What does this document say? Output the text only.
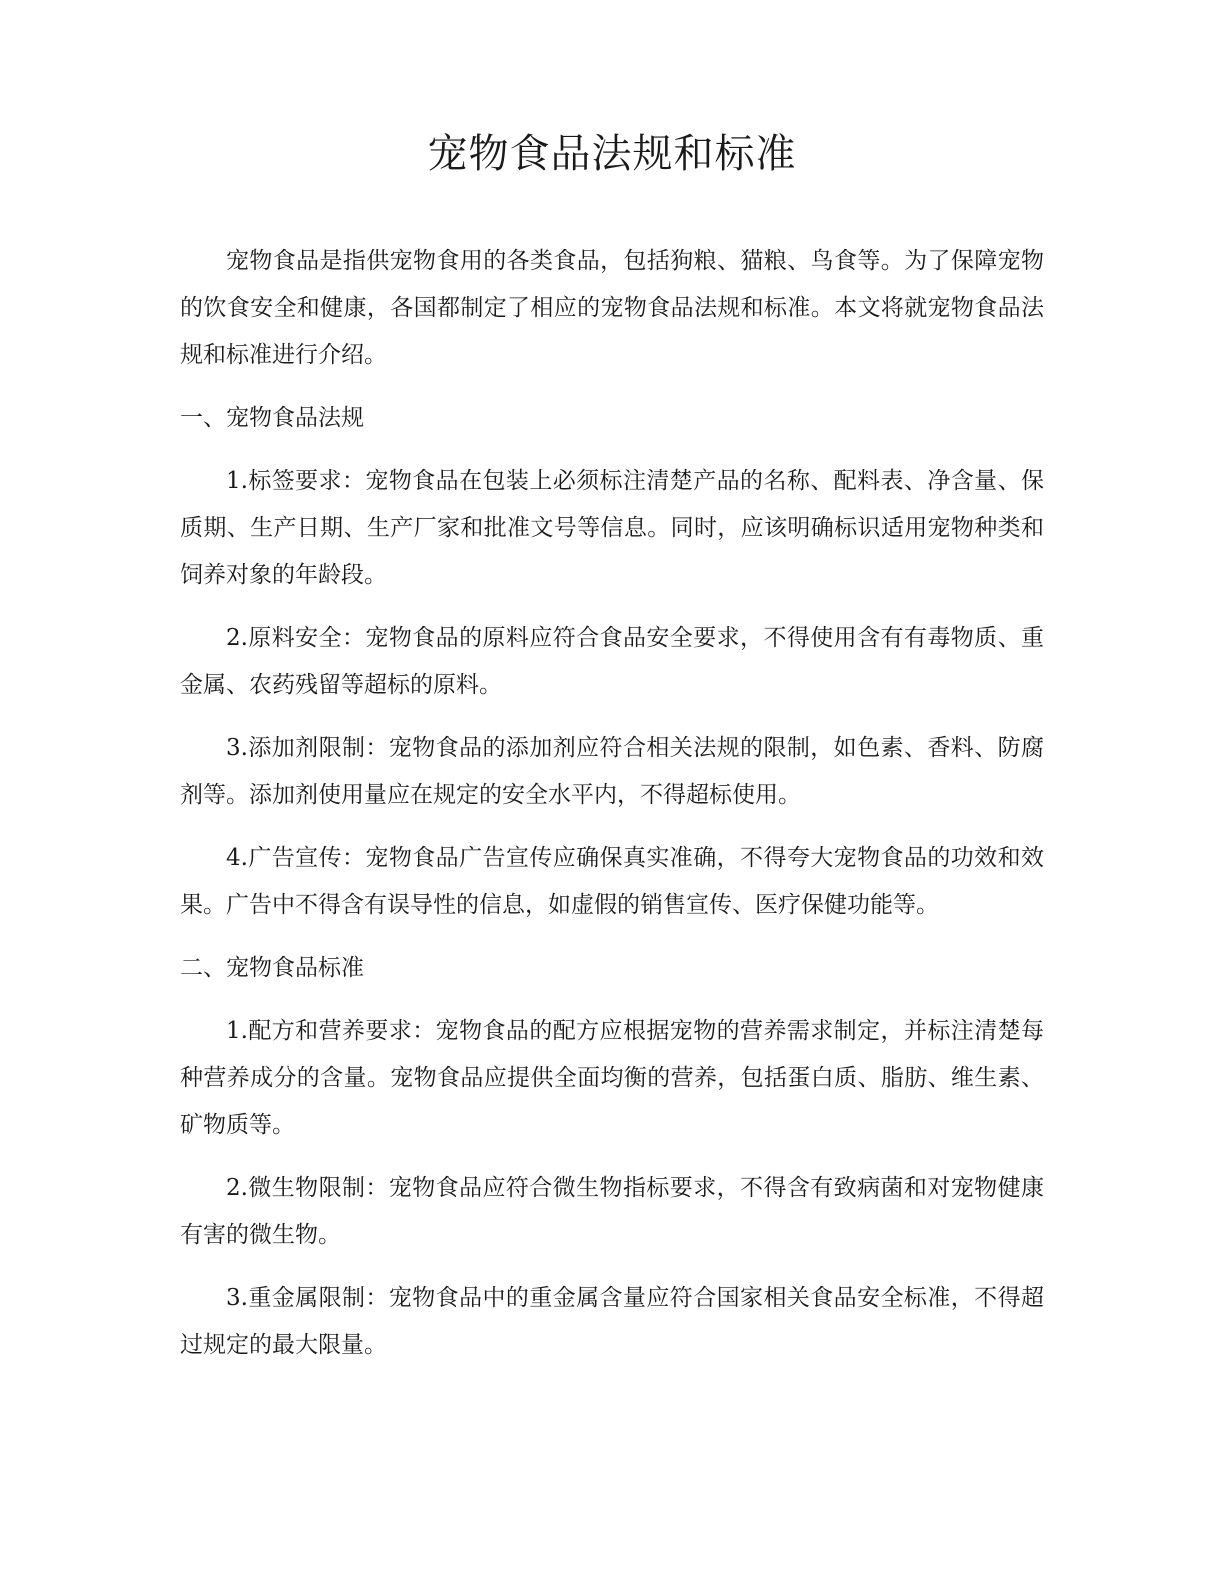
宠物食品法规和标准

宠物食品是指供宠物食用的各类食品，包括狗粮、猫粮、鸟食等。为了保障宠物的饮食安全和健康，各国都制定了相应的宠物食品法规和标准。本文将就宠物食品法规和标准进行介绍。

一、宠物食品法规

1.标签要求：宠物食品在包装上必须标注清楚产品的名称、配料表、净含量、保质期、生产日期、生产厂家和批准文号等信息。同时，应该明确标识适用宠物种类和饲养对象的年龄段。

2.原料安全：宠物食品的原料应符合食品安全要求，不得使用含有有毒物质、重金属、农药残留等超标的原料。

3.添加剂限制：宠物食品的添加剂应符合相关法规的限制，如色素、香料、防腐剂等。添加剂使用量应在规定的安全水平内，不得超标使用。

4.广告宣传：宠物食品广告宣传应确保真实准确，不得夸大宠物食品的功效和效果。广告中不得含有误导性的信息，如虚假的销售宣传、医疗保健功能等。

二、宠物食品标准

1.配方和营养要求：宠物食品的配方应根据宠物的营养需求制定，并标注清楚每种营养成分的含量。宠物食品应提供全面均衡的营养，包括蛋白质、脂肪、维生素、矿物质等。

2.微生物限制：宠物食品应符合微生物指标要求，不得含有致病菌和对宠物健康有害的微生物。

3.重金属限制：宠物食品中的重金属含量应符合国家相关食品安全标准，不得超过规定的最大限量。
